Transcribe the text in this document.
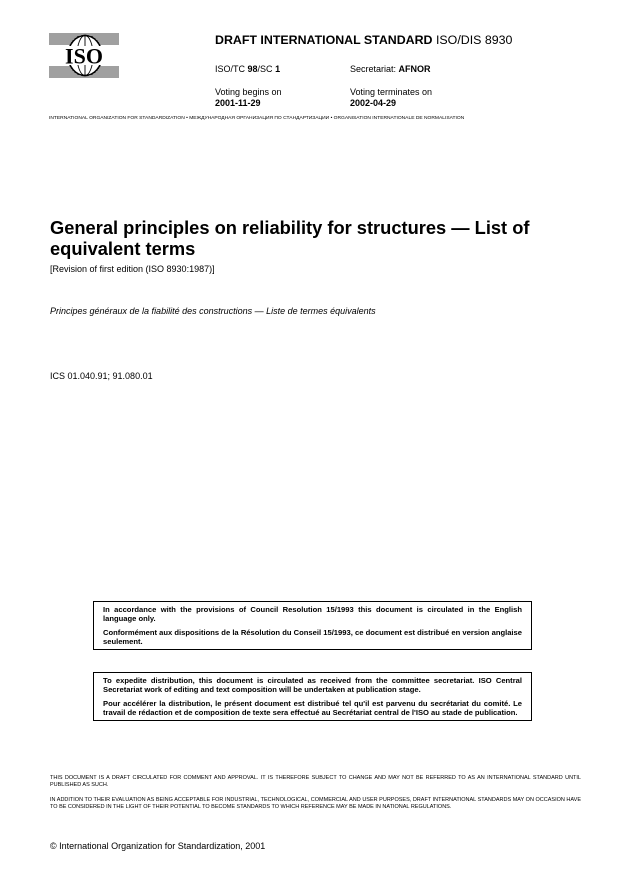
ISO
DRAFT INTERNATIONAL STANDARD ISO/DIS 8930
ISO/TC 98/SC 1	Secretariat: AFNOR
Voting begins on
2001-11-29
Voting terminates on
2002-04-29
INTERNATIONAL ORGANIZATION FOR STANDARDIZATION • МЕЖДУНАРОДНАЯ ОРГАНИЗАЦИЯ ПО СТАНДАРТИЗАЦИИ • ORGANISATION INTERNATIONALE DE NORMALISATION
General principles on reliability for structures — List of equivalent terms
[Revision of first edition (ISO 8930:1987)]
Principes généraux de la fiabilité des constructions — Liste de termes équivalents
ICS 01.040.91; 91.080.01

In accordance with the provisions of Council Resolution 15/1993 this document is circulated in the English language only.

Conformément aux dispositions de la Résolution du Conseil 15/1993, ce document est distribué en version anglaise seulement.

To expedite distribution, this document is circulated as received from the committee secretariat. ISO Central Secretariat work of editing and text composition will be undertaken at publication stage.

Pour accélérer la distribution, le présent document est distribué tel qu'il est parvenu du secrétariat du comité. Le travail de rédaction et de composition de texte sera effectué au Secrétariat central de l'ISO au stade de publication.

THIS DOCUMENT IS A DRAFT CIRCULATED FOR COMMENT AND APPROVAL. IT IS THEREFORE SUBJECT TO CHANGE AND MAY NOT BE REFERRED TO AS AN INTERNATIONAL STANDARD UNTIL PUBLISHED AS SUCH.
IN ADDITION TO THEIR EVALUATION AS BEING ACCEPTABLE FOR INDUSTRIAL, TECHNOLOGICAL, COMMERCIAL AND USER PURPOSES, DRAFT INTERNATIONAL STANDARDS MAY ON OCCASION HAVE TO BE CONSIDERED IN THE LIGHT OF THEIR POTENTIAL TO BECOME STANDARDS TO WHICH REFERENCE MAY BE MADE IN NATIONAL REGULATIONS.
© International Organization for Standardization, 2001
